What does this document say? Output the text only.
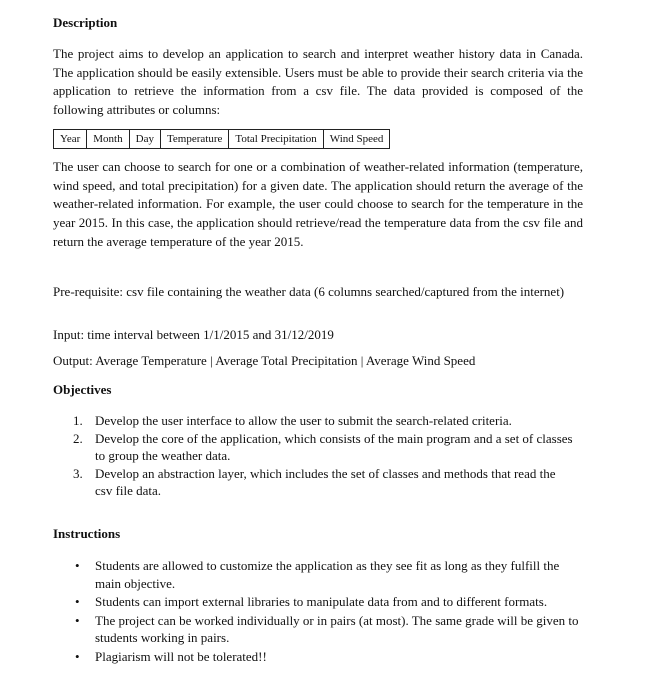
Description

The project aims to develop an application to search and interpret weather history data in Canada. The application should be easily extensible. Users must be able to provide their search criteria via the application to retrieve the information from a csv file. The data provided is composed of the following attributes or columns:

Year	Month	Day	Temperature	Total Precipitation	Wind Speed

The user can choose to search for one or a combination of weather-related information (temperature, wind speed, and total precipitation) for a given date. The application should return the average of the weather-related information. For example, the user could choose to search for the temperature in the year 2015. In this case, the application should retrieve/read the temperature data from the csv file and return the average temperature of the year 2015.

Pre-requisite: csv file containing the weather data (6 columns searched/captured from the internet)

Input: time interval between 1/1/2015 and 31/12/2019
Output: Average Temperature | Average Total Precipitation | Average Wind Speed
Objectives
1. Develop the user interface to allow the user to submit the search-related criteria.
2. Develop the core of the application, which consists of the main program and a set of classes to group the weather data.
3. Develop an abstraction layer, which includes the set of classes and methods that read the csv file data.
Instructions
• Students are allowed to customize the application as they see fit as long as they fulfill the main objective.
• Students can import external libraries to manipulate data from and to different formats.
• The project can be worked individually or in pairs (at most). The same grade will be given to students working in pairs.
• Plagiarism will not be tolerated!!
